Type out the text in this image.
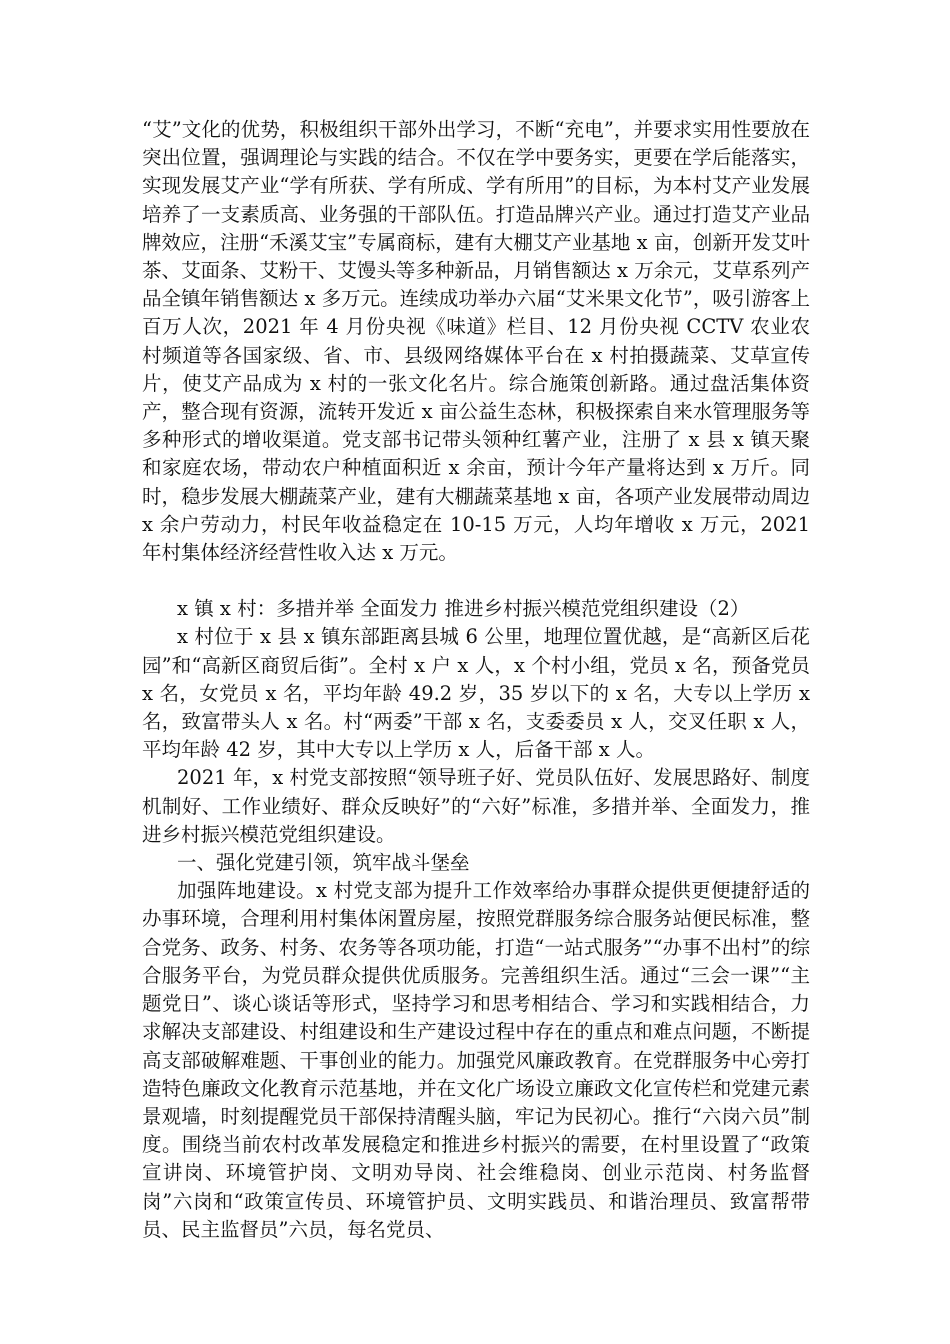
“艾”文化的优势，积极组织干部外出学习，不断“充电”，并要求实用性要放在突出位置，强调理论与实践的结合。不仅在学中要务实，更要在学后能落实，实现发展艾产业“学有所获、学有所成、学有所用”的目标，为本村艾产业发展培养了一支素质高、业务强的干部队伍。打造品牌兴产业。通过打造艾产业品牌效应，注册“禾溪艾宝”专属商标，建有大棚艾产业基地 x 亩，创新开发艾叶茶、艾面条、艾粉干、艾馒头等多种新品，月销售额达 x 万余元，艾草系列产品全镇年销售额达 x 多万元。连续成功举办六届“艾米果文化节”，吸引游客上百万人次，2021 年 4 月份央视《味道》栏目、12 月份央视 CCTV 农业农村频道等各国家级、省、市、县级网络媒体平台在 x 村拍摄蔬菜、艾草宣传片，使艾产品成为 x 村的一张文化名片。综合施策创新路。通过盘活集体资产，整合现有资源，流转开发近 x 亩公益生态林，积极探索自来水管理服务等多种形式的增收渠道。党支部书记带头领种红薯产业，注册了 x 县 x 镇天聚和家庭农场，带动农户种植面积近 x 余亩，预计今年产量将达到 x 万斤。同时，稳步发展大棚蔬菜产业，建有大棚蔬菜基地 x 亩，各项产业发展带动周边 x 余户劳动力，村民年收益稳定在 10-15 万元，人均年增收 x 万元，2021 年村集体经济经营性收入达 x 万元。

x 镇 x 村：多措并举 全面发力 推进乡村振兴模范党组织建设（2）

x 村位于 x 县 x 镇东部距离县城 6 公里，地理位置优越，是“高新区后花园”和“高新区商贸后街”。全村 x 户 x 人，x 个村小组，党员 x 名，预备党员 x 名，女党员 x 名，平均年龄 49.2 岁，35 岁以下的 x 名，大专以上学历 x 名，致富带头人 x 名。村“两委”干部 x 名，支委委员 x 人，交叉任职 x 人，平均年龄 42 岁，其中大专以上学历 x 人，后备干部 x 人。

2021 年，x 村党支部按照“领导班子好、党员队伍好、发展思路好、制度机制好、工作业绩好、群众反映好”的“六好”标准，多措并举、全面发力，推进乡村振兴模范党组织建设。

一、强化党建引领，筑牢战斗堡垒

加强阵地建设。x 村党支部为提升工作效率给办事群众提供更便捷舒适的办事环境，合理利用村集体闲置房屋，按照党群服务综合服务站便民标准，整合党务、政务、村务、农务等各项功能，打造“一站式服务”“办事不出村”的综合服务平台，为党员群众提供优质服务。完善组织生活。通过“三会一课”“主题党日”、谈心谈话等形式，坚持学习和思考相结合、学习和实践相结合，力求解决支部建设、村组建设和生产建设过程中存在的重点和难点问题，不断提高支部破解难题、干事创业的能力。加强党风廉政教育。在党群服务中心旁打造特色廉政文化教育示范基地，并在文化广场设立廉政文化宣传栏和党建元素景观墙，时刻提醒党员干部保持清醒头脑，牢记为民初心。推行“六岗六员”制度。围绕当前农村改革发展稳定和推进乡村振兴的需要，在村里设置了“政策宣讲岗、环境管护岗、文明劝导岗、社会维稳岗、创业示范岗、村务监督岗”六岗和“政策宣传员、环境管护员、文明实践员、和谐治理员、致富帮带员、民主监督员”六员，每名党员、
